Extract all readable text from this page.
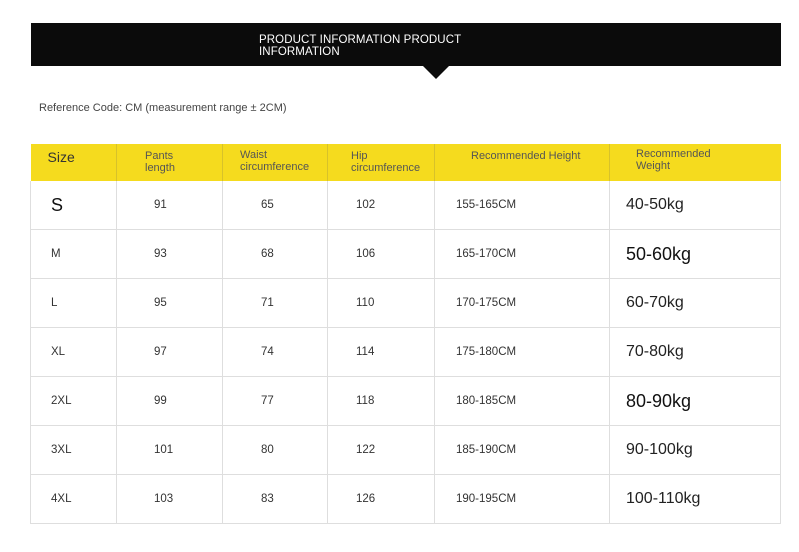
PRODUCT INFORMATION PRODUCT INFORMATION
Reference Code: CM (measurement range ± 2CM)
Size	Pants length	Waist circumference	Hip circumference	Recommended Height	Recommended Weight

S	91	65	102	155-165CM	40-50kg

M	93	68	106	165-170CM	50-60kg

L	95	71	110	170-175CM	60-70kg

XL	97	74	114	175-180CM	70-80kg

2XL	99	77	118	180-185CM	80-90kg

3XL	101	80	122	185-190CM	90-100kg

4XL	103	83	126	190-195CM	100-110kg
